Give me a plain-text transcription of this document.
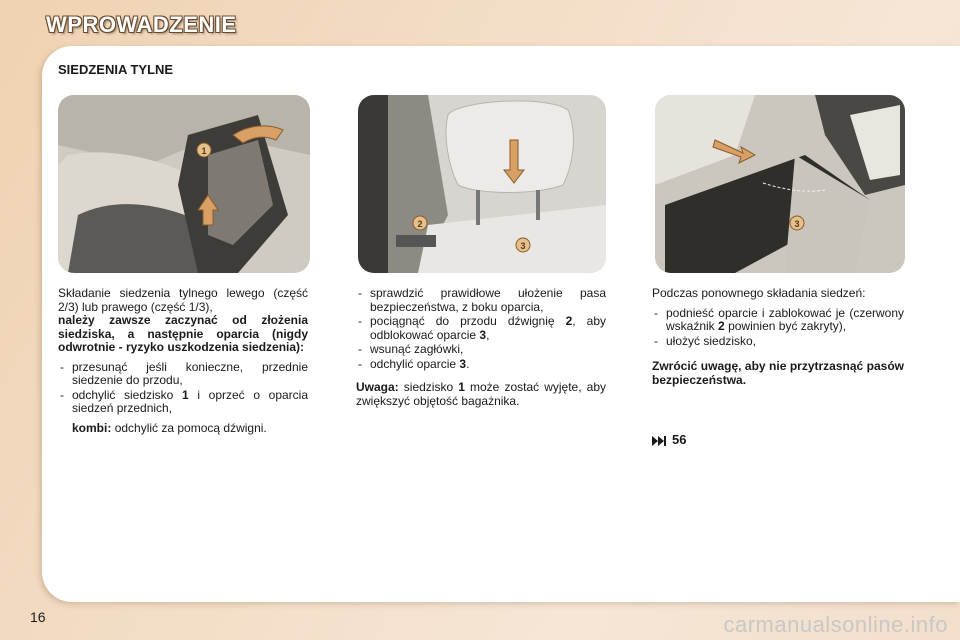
WPROWADZENIE
SIEDZENIA TYLNE
1
2
3
3

Składanie siedzenia tylnego lewego (część 2/3) lub prawego (część 1/3),

należy zawsze zaczynać od złożenia siedziska, a następnie oparcia (nigdy odwrotnie - ryzyko uszkodzenia siedzenia):

- przesunąć jeśli konieczne, przednie siedzenie do przodu,
- odchylić siedzisko 1 i oprzeć o oparcia siedzeń przednich,
kombi: odchylić za pomocą dźwigni.
- sprawdzić prawidłowe ułożenie pasa bezpieczeństwa, z boku oparcia,
- pociągnąć do przodu dźwignię 2, aby odblokować oparcie 3,
- wsunąć zagłówki,
- odchylić oparcie 3.

Uwaga: siedzisko 1 może zostać wyjęte, aby zwiększyć objętość bagażnika.

Podczas ponownego składania siedzeń:

- podnieść oparcie i zablokować je (czerwony wskaźnik 2 powinien być zakryty),
- ułożyć siedzisko,

Zwrócić uwagę, aby nie przytrzasnąć pasów bezpieczeństwa.

56
16	carmanualsonline.info
